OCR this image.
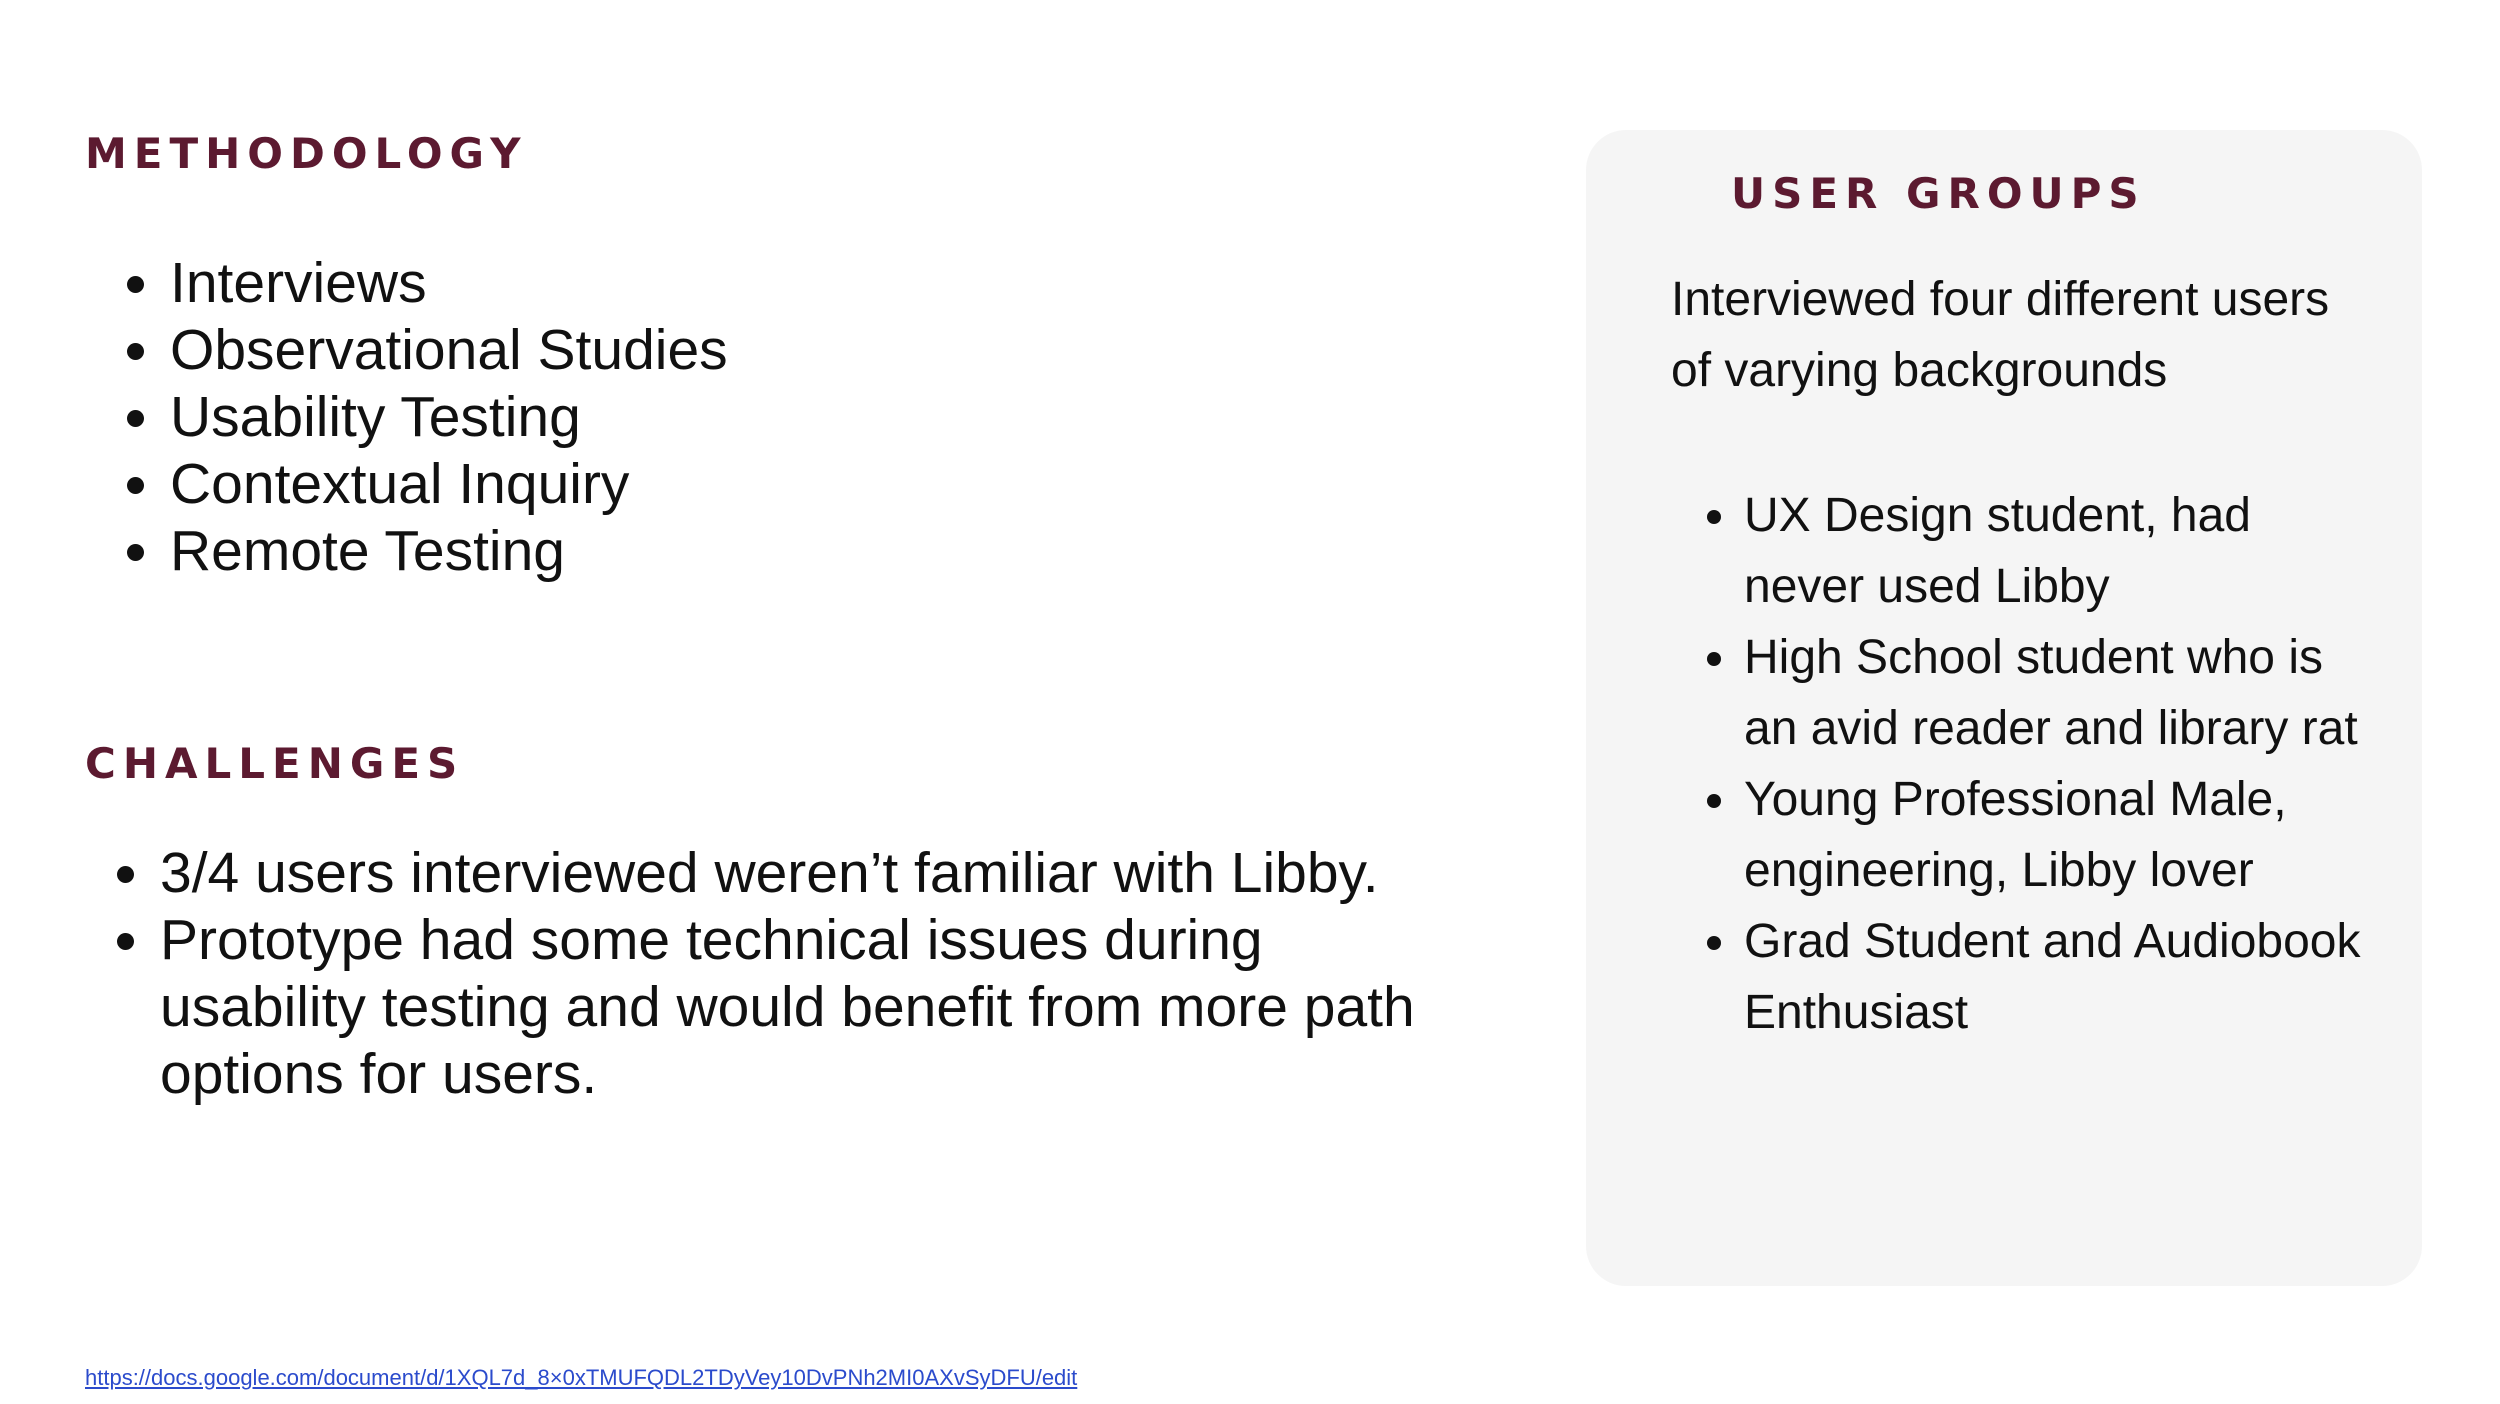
METHODOLOGY
• Interviews
• Observational Studies
• Usability Testing
• Contextual Inquiry
• Remote Testing
CHALLENGES
• 3/4 users interviewed weren’t familiar with Libby.
• Prototype had some technical issues during usability testing and would benefit from more path options for users.
USER GROUPS

Interviewed four different users of varying backgrounds

• UX Design student, had never used Libby
• High School student who is an avid reader and library rat
• Young Professional Male, engineering, Libby lover
• Grad Student and Audiobook Enthusiast
https://docs.google.com/document/d/1XQL7d_8×0xTMUFQDL2TDyVey10DvPNh2MI0AXvSyDFU/edit
